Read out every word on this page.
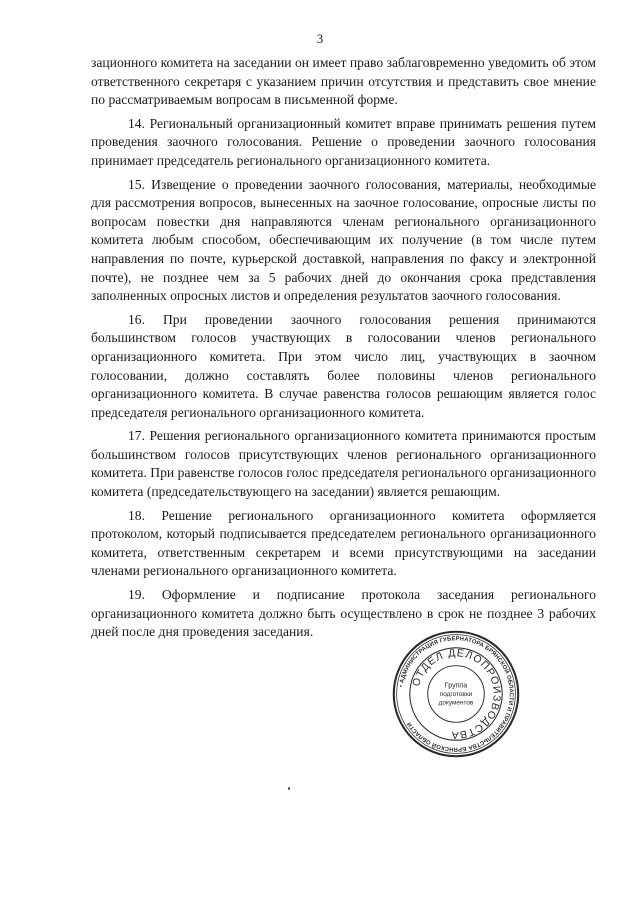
3

зационного комитета на заседании он имеет право заблаговременно уведомить об этом ответственного секретаря с указанием причин отсутствия и представить свое мнение по рассматриваемым вопросам в письменной форме.

14. Региональный организационный комитет вправе принимать решения путем проведения заочного голосования. Решение о проведении заочного голосования принимает председатель регионального организационного комитета.

15. Извещение о проведении заочного голосования, материалы, необходимые для рассмотрения вопросов, вынесенных на заочное голосование, опросные листы по вопросам повестки дня направляются членам регионального организационного комитета любым способом, обеспечивающим их получение (в том числе путем направления по почте, курьерской доставкой, направления по факсу и электронной почте), не позднее чем за 5 рабочих дней до окончания срока представления заполненных опросных листов и определения результатов заочного голосования.

16. При проведении заочного голосования решения принимаются большинством голосов участвующих в голосовании членов регионального организационного комитета. При этом число лиц, участвующих в заочном голосовании, должно составлять более половины членов регионального организационного комитета. В случае равенства голосов решающим является голос председателя регионального организационного комитета.

17. Решения регионального организационного комитета принимаются простым большинством голосов присутствующих членов регионального организационного комитета. При равенстве голосов голос председателя регионального организационного комитета (председательствующего на заседании) является решающим.

18. Решение регионального организационного комитета оформляется протоколом, который подписывается председателем регионального организационного комитета, ответственным секретарем и всеми присутствующими на заседании членами регионального организационного комитета.

19. Оформление и подписание протокола заседания регионального организационного комитета должно быть осуществлено в срок не позднее 3 рабочих дней после дня проведения заседания.

• АДМИНИСТРАЦИЯ ГУБЕРНАТОРА БРЯНСКОЙ ОБЛАСТИ И ПРАВИТЕЛЬСТВА БРЯНСКОЙ ОБЛАСТИ
ОТДЕЛ ДЕЛОПРОИЗВОДСТВА
Группа
подготовки
документов
